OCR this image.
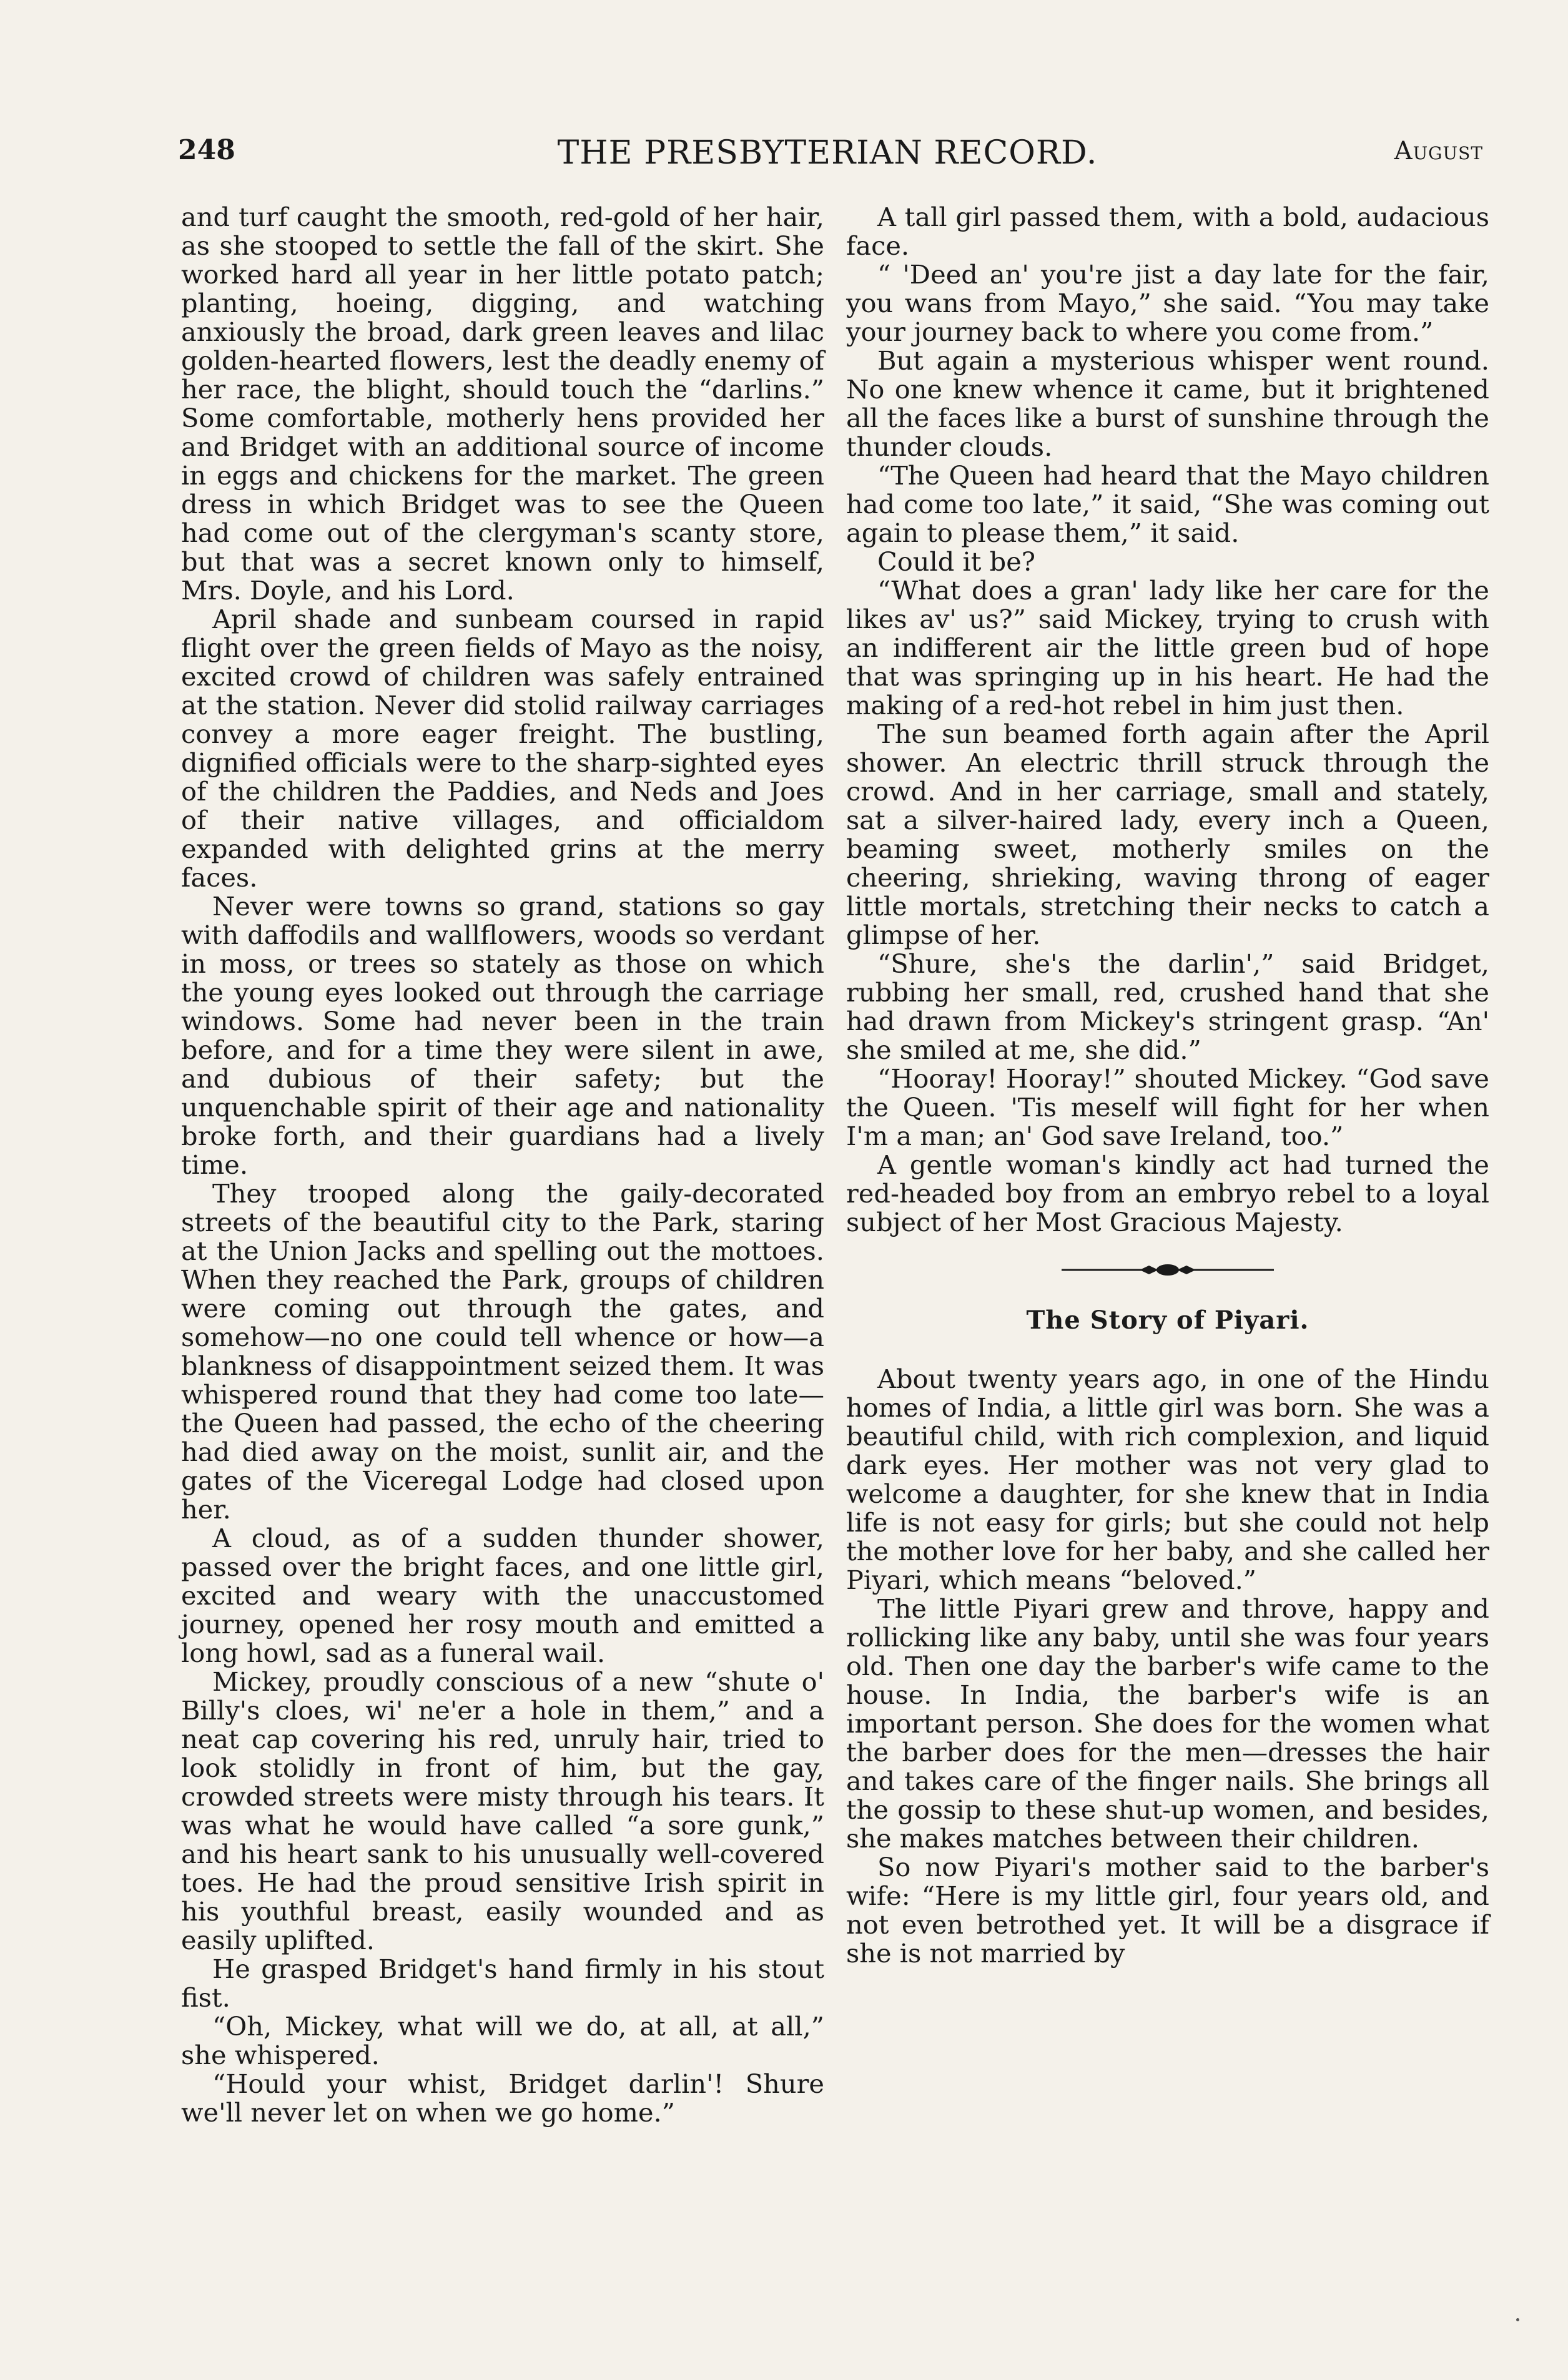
248	THE PRESBYTERIAN RECORD.	August

and turf caught the smooth, red-gold of her hair, as she stooped to settle the fall of the skirt. She worked hard all year in her little potato patch; planting, hoeing, digging, and watching anxiously the broad, dark green leaves and lilac golden-hearted flowers, lest the deadly enemy of her race, the blight, should touch the “darlins.” Some comfortable, motherly hens provided her and Bridget with an additional source of income in eggs and chickens for the market. The green dress in which Bridget was to see the Queen had come out of the clergyman's scanty store, but that was a secret known only to himself, Mrs. Doyle, and his Lord.

April shade and sunbeam coursed in rapid flight over the green fields of Mayo as the noisy, excited crowd of children was safely entrained at the station. Never did stolid railway carriages convey a more eager freight. The bustling, dignified officials were to the sharp-sighted eyes of the children the Paddies, and Neds and Joes of their native villages, and officialdom expanded with delighted grins at the merry faces.

Never were towns so grand, stations so gay with daffodils and wallflowers, woods so verdant in moss, or trees so stately as those on which the young eyes looked out through the carriage windows. Some had never been in the train before, and for a time they were silent in awe, and dubious of their safety; but the unquenchable spirit of their age and nationality broke forth, and their guardians had a lively time.

They trooped along the gaily-decorated streets of the beautiful city to the Park, staring at the Union Jacks and spelling out the mottoes. When they reached the Park, groups of children were coming out through the gates, and somehow—no one could tell whence or how—a blankness of disappointment seized them. It was whispered round that they had come too late—the Queen had passed, the echo of the cheering had died away on the moist, sunlit air, and the gates of the Viceregal Lodge had closed upon her.

A cloud, as of a sudden thunder shower, passed over the bright faces, and one little girl, excited and weary with the unaccustomed journey, opened her rosy mouth and emitted a long howl, sad as a funeral wail.

Mickey, proudly conscious of a new “shute o' Billy's cloes, wi' ne'er a hole in them,” and a neat cap covering his red, unruly hair, tried to look stolidly in front of him, but the gay, crowded streets were misty through his tears. It was what he would have called “a sore gunk,” and his heart sank to his unusually well-covered toes. He had the proud sensitive Irish spirit in his youthful breast, easily wounded and as easily uplifted.

He grasped Bridget's hand firmly in his stout fist.

“Oh, Mickey, what will we do, at all, at all,” she whispered.

“Hould your whist, Bridget darlin'! Shure we'll never let on when we go home.”

A tall girl passed them, with a bold, audacious face.

“ 'Deed an' you're jist a day late for the fair, you wans from Mayo,” she said. “You may take your journey back to where you come from.”

But again a mysterious whisper went round. No one knew whence it came, but it brightened all the faces like a burst of sunshine through the thunder clouds.

“The Queen had heard that the Mayo children had come too late,” it said, “She was coming out again to please them,” it said.

Could it be?

“What does a gran' lady like her care for the likes av' us?” said Mickey, trying to crush with an indifferent air the little green bud of hope that was springing up in his heart. He had the making of a red-hot rebel in him just then.

The sun beamed forth again after the April shower. An electric thrill struck through the crowd. And in her carriage, small and stately, sat a silver-haired lady, every inch a Queen, beaming sweet, motherly smiles on the cheering, shrieking, waving throng of eager little mortals, stretching their necks to catch a glimpse of her.

“Shure, she's the darlin',” said Bridget, rubbing her small, red, crushed hand that she had drawn from Mickey's stringent grasp. “An' she smiled at me, she did.”

“Hooray! Hooray!” shouted Mickey. “God save the Queen. 'Tis meself will fight for her when I'm a man; an' God save Ireland, too.”

A gentle woman's kindly act had turned the red-headed boy from an embryo rebel to a loyal subject of her Most Gracious Majesty.

The Story of Piyari.

About twenty years ago, in one of the Hindu homes of India, a little girl was born. She was a beautiful child, with rich complexion, and liquid dark eyes. Her mother was not very glad to welcome a daughter, for she knew that in India life is not easy for girls; but she could not help the mother love for her baby, and she called her Piyari, which means “beloved.”

The little Piyari grew and throve, happy and rollicking like any baby, until she was four years old. Then one day the barber's wife came to the house. In India, the barber's wife is an important person. She does for the women what the barber does for the men—dresses the hair and takes care of the finger nails. She brings all the gossip to these shut-up women, and besides, she makes matches between their children.

So now Piyari's mother said to the barber's wife: “Here is my little girl, four years old, and not even betrothed yet. It will be a disgrace if she is not married by
